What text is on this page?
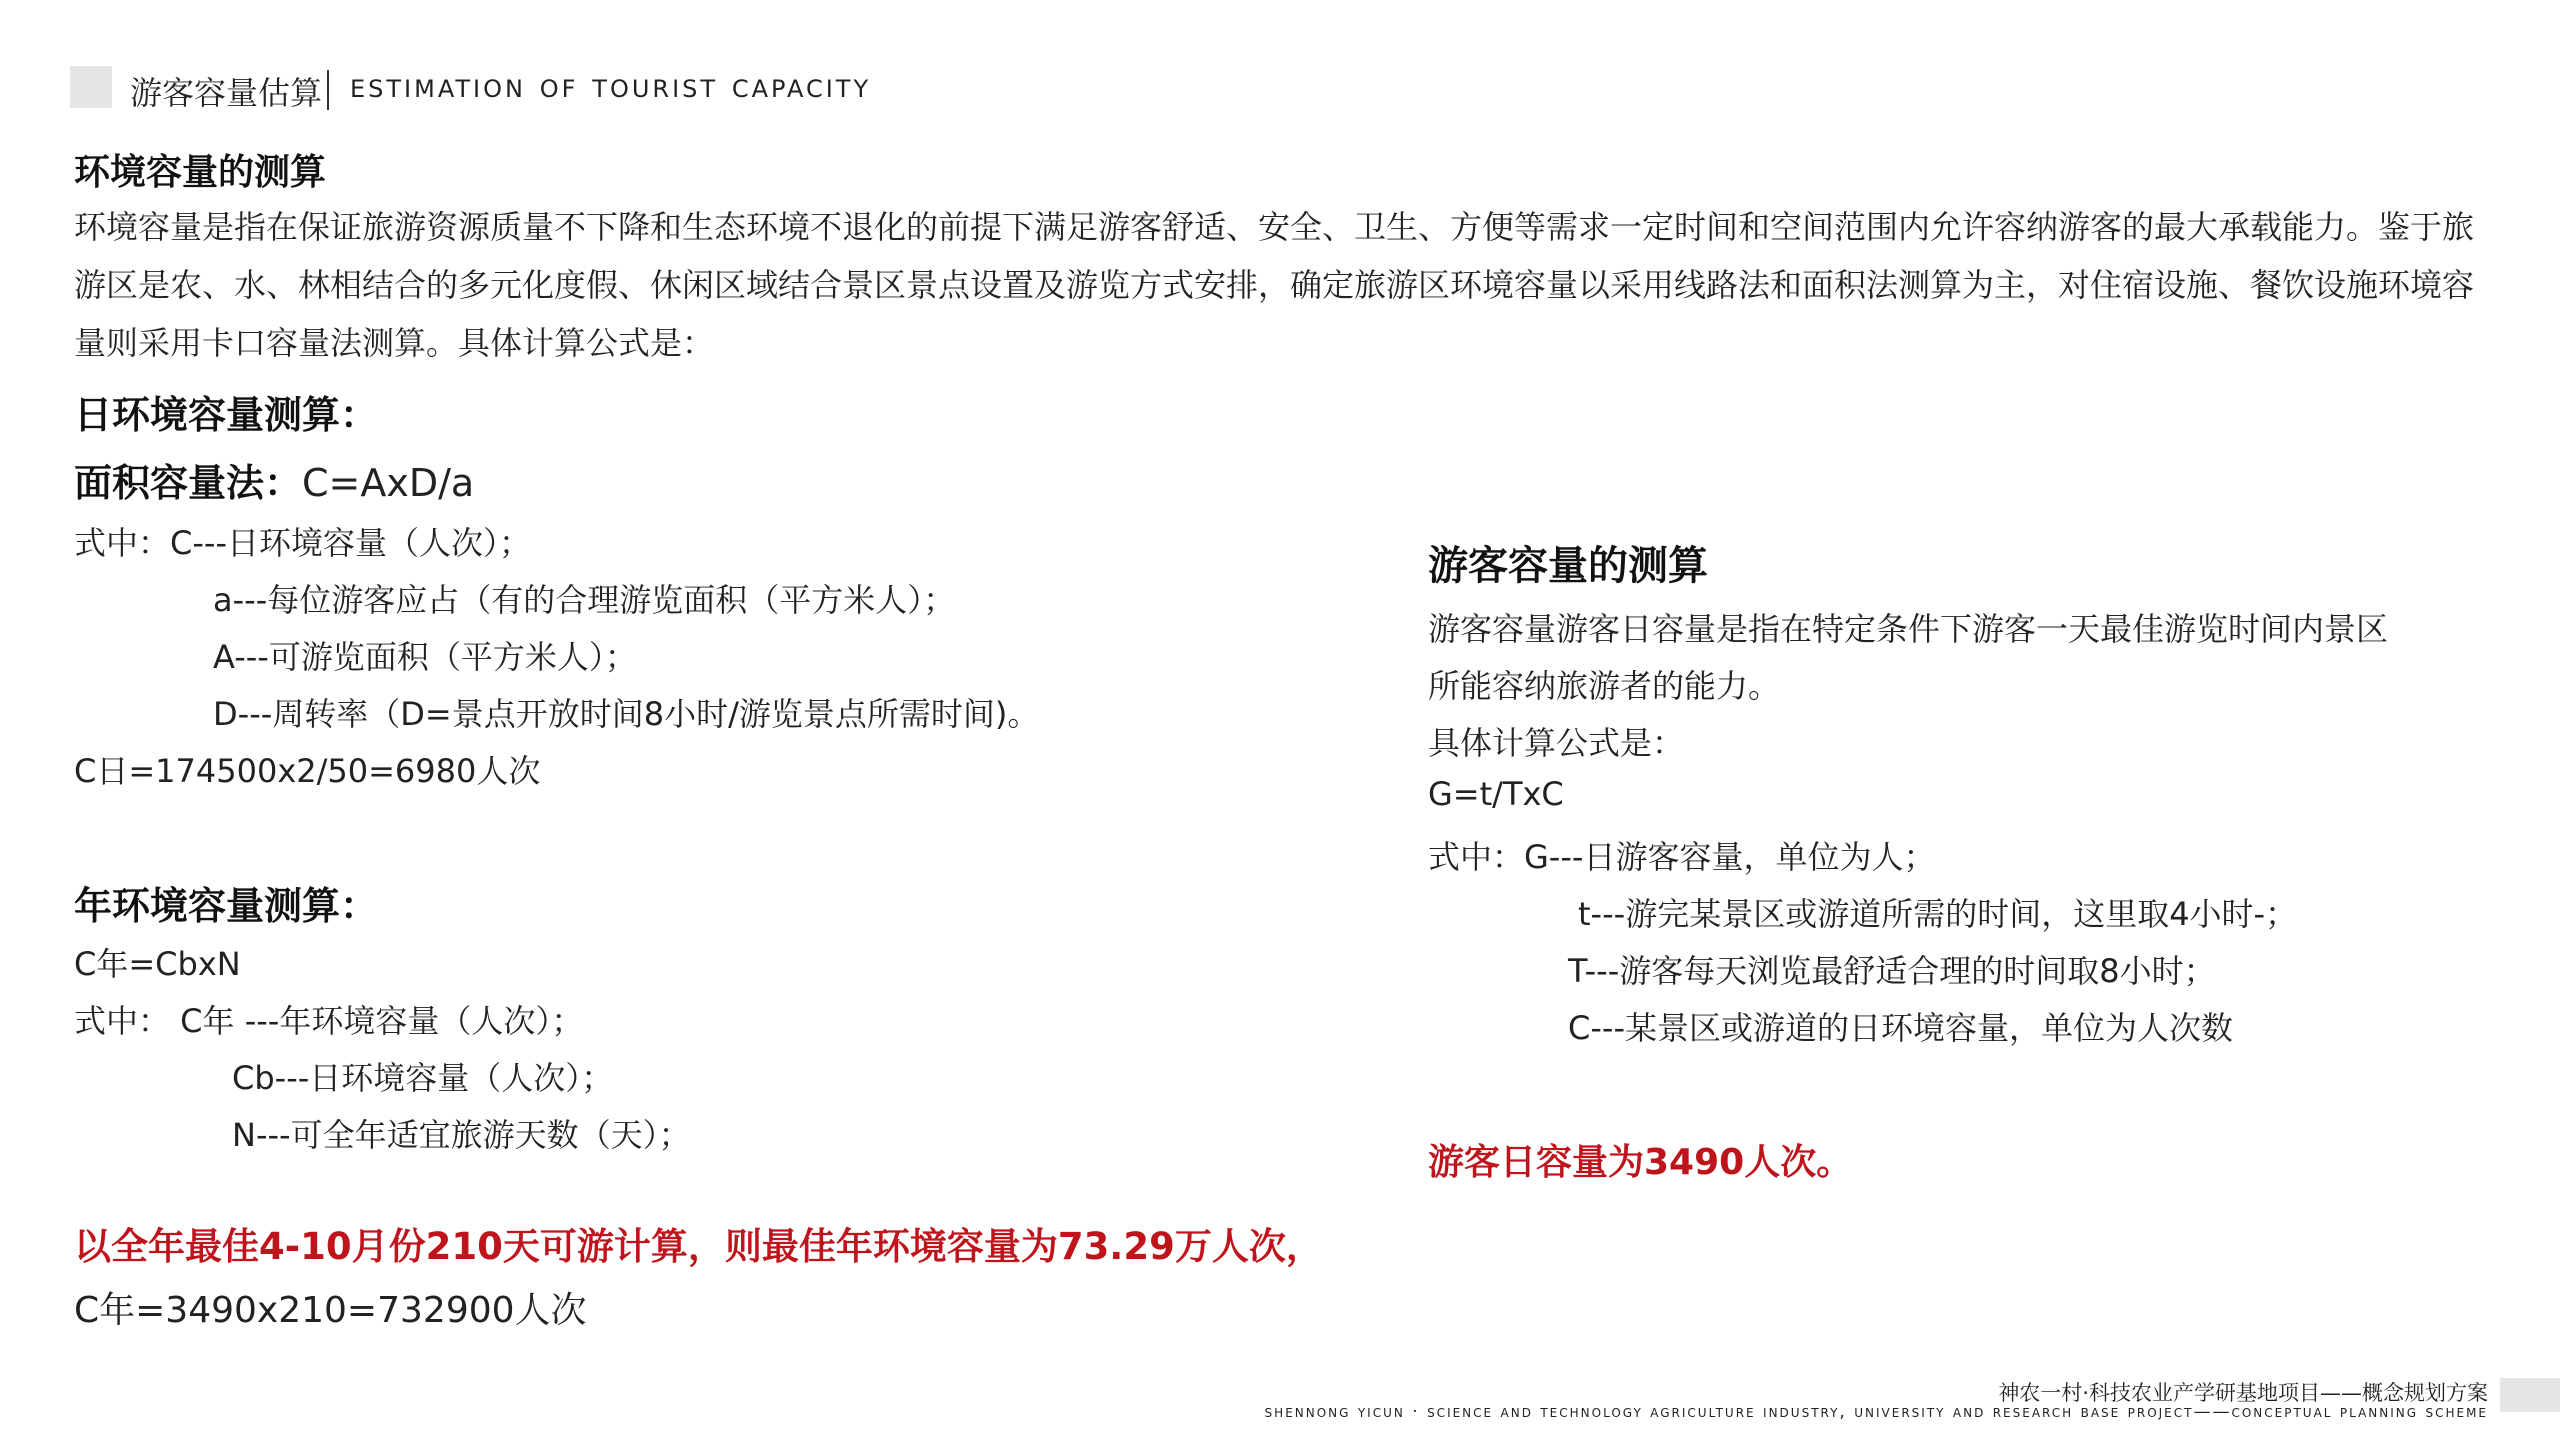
游客容量估算 estimation of tourist capacity
环境容量的测算
环境容量是指在保证旅游资源质量不下降和生态环境不退化的前提下满足游客舒适、安全、卫生、方便等需求一定时间和空间范围内允许容纳游客的最大承载能力。鉴于旅游区是农、水、林相结合的多元化度假、休闲区域结合景区景点设置及游览方式安排，确定旅游区环境容量以采用线路法和面积法测算为主，对住宿设施、餐饮设施环境容量则采用卡口容量法测算。具体计算公式是：
日环境容量测算：
面积容量法：C=AxD/a
式中：C---日环境容量（人次）；
a---每位游客应占（有的合理游览面积（平方米人）；
A---可游览面积（平方米人）；
D---周转率（D=景点开放时间8小时/游览景点所需时间)。
C日=174500x2/50=6980人次
年环境容量测算：
C年=CbxN
式中： C年 ---年环境容量（人次）；
Cb---日环境容量（人次）；
N---可全年适宜旅游天数（天）；
以全年最佳4-10月份210天可游计算，则最佳年环境容量为73.29万人次，
C年=3490x210=732900人次
游客容量的测算
游客容量游客日容量是指在特定条件下游客一天最佳游览时间内景区
所能容纳旅游者的能力。
具体计算公式是：
G=t/TxC
式中：G---日游客容量，单位为人；
t---游完某景区或游道所需的时间，这里取4小时-；
T---游客每天浏览最舒适合理的时间取8小时；
C---某景区或游道的日环境容量，单位为人次数
游客日容量为3490人次。
神农一村·科技农业产学研基地项目——概念规划方案
shennong yicun · science and technology agriculture industry, university and research base project——conceptual planning scheme
